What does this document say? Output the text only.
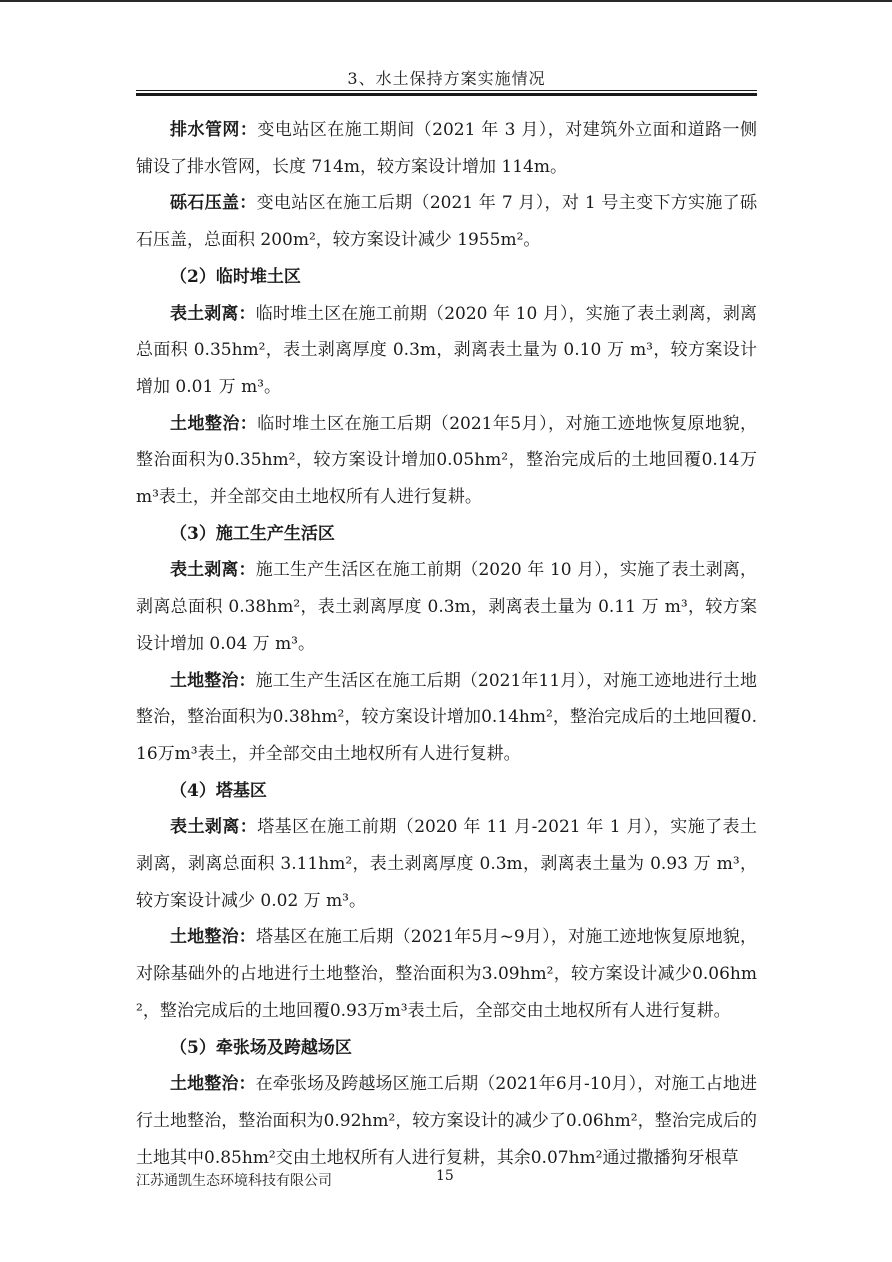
3、水土保持方案实施情况

排水管网：变电站区在施工期间（2021 年 3 月），对建筑外立面和道路一侧铺设了排水管网，长度 714m，较方案设计增加 114m。

砾石压盖：变电站区在施工后期（2021 年 7 月），对 1 号主变下方实施了砾石压盖，总面积 200m²，较方案设计减少 1955m²。

（2）临时堆土区

表土剥离：临时堆土区在施工前期（2020 年 10 月），实施了表土剥离，剥离总面积 0.35hm²，表土剥离厚度 0.3m，剥离表土量为 0.10 万 m³，较方案设计增加 0.01 万 m³。

土地整治：临时堆土区在施工后期（2021年5月），对施工迹地恢复原地貌，整治面积为0.35hm²，较方案设计增加0.05hm²，整治完成后的土地回覆0.14万m³表土，并全部交由土地权所有人进行复耕。

（3）施工生产生活区

表土剥离：施工生产生活区在施工前期（2020 年 10 月），实施了表土剥离，剥离总面积 0.38hm²，表土剥离厚度 0.3m，剥离表土量为 0.11 万 m³，较方案设计增加 0.04 万 m³。

土地整治：施工生产生活区在施工后期（2021年11月），对施工迹地进行土地整治，整治面积为0.38hm²，较方案设计增加0.14hm²，整治完成后的土地回覆0.16万m³表土，并全部交由土地权所有人进行复耕。

（4）塔基区

表土剥离：塔基区在施工前期（2020 年 11 月-2021 年 1 月），实施了表土剥离，剥离总面积 3.11hm²，表土剥离厚度 0.3m，剥离表土量为 0.93 万 m³，较方案设计减少 0.02 万 m³。

土地整治：塔基区在施工后期（2021年5月~9月），对施工迹地恢复原地貌，对除基础外的占地进行土地整治，整治面积为3.09hm²，较方案设计减少0.06hm²，整治完成后的土地回覆0.93万m³表土后，全部交由土地权所有人进行复耕。

（5）牵张场及跨越场区

土地整治：在牵张场及跨越场区施工后期（2021年6月-10月），对施工占地进行土地整治，整治面积为0.92hm²，较方案设计的减少了0.06hm²，整治完成后的土地其中0.85hm²交由土地权所有人进行复耕，其余0.07hm²通过撒播狗牙根草

江苏通凯生态环境科技有限公司	15
